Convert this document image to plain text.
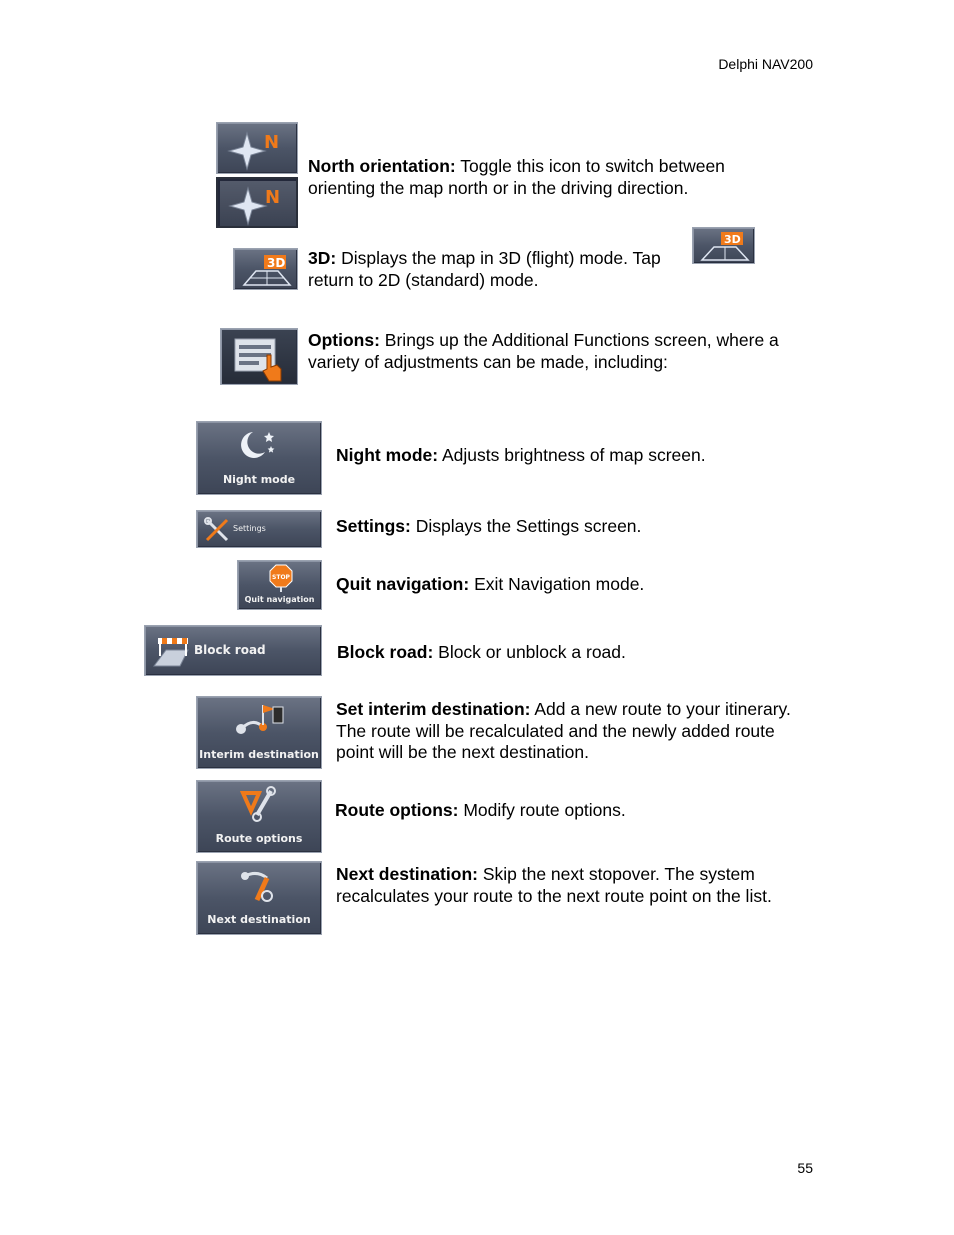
Delphi NAV200
N
N
North orientation: Toggle this icon to switch between orienting the map north or in the driving direction.
3D 3D: Displays the map in 3D (flight) mode. Tap  return to 2D (standard) mode.
3D
Options: Brings up the Additional Functions screen, where a variety of adjustments can be made, including:
Night mode
Night mode: Adjusts brightness of map screen.
Settings	Settings: Displays the Settings screen.
STOP
Quit navigation
Quit navigation: Exit Navigation mode.
Block road	Block road: Block or unblock a road.
Interim destination
Set interim destination: Add a new route to your itinerary. The route will be recalculated and the newly added route point will be the next destination.
Route options
Route options: Modify route options.
Next destination
Next destination: Skip the next stopover. The system recalculates your route to the next route point on the list.
55
